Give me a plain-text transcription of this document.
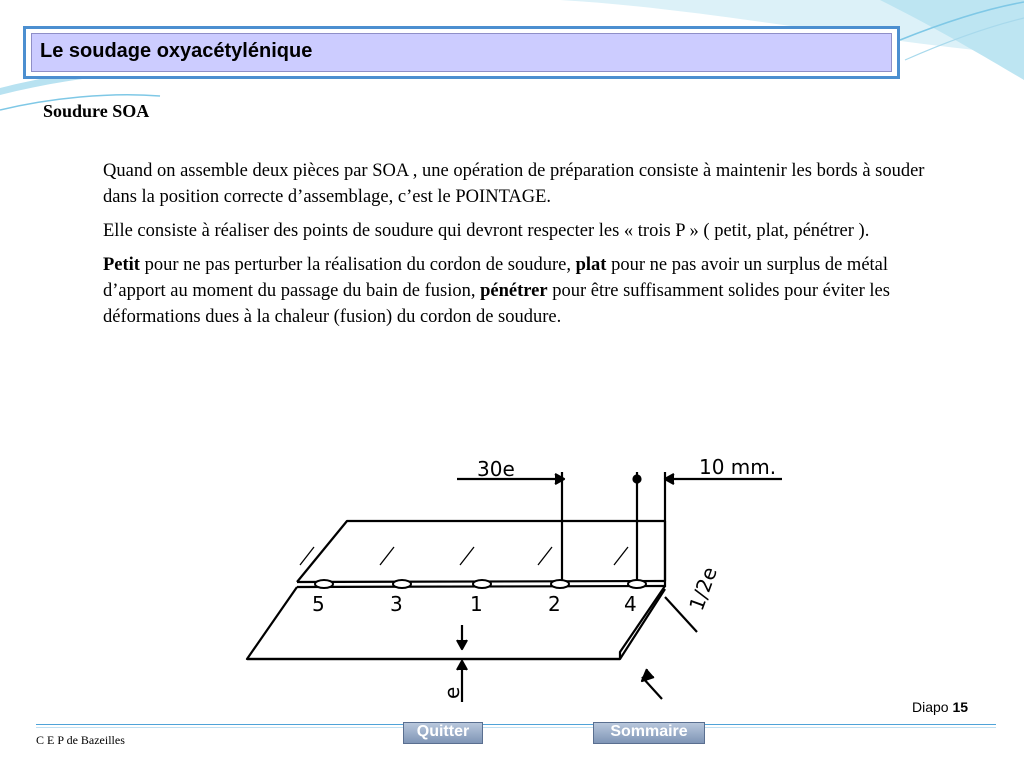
Le soudage oxyacétylénique
Soudure SOA

Quand on assemble deux pièces par SOA , une opération de préparation consiste à maintenir les bords à souder dans la position correcte d’assemblage, c’est le POINTAGE.

Elle consiste à réaliser des points de soudure qui devront respecter les « trois P » ( petit, plat, pénétrer ).

Petit pour ne pas perturber la réalisation du cordon de soudure, plat pour ne pas avoir un surplus de métal d’apport au moment du passage du bain de fusion, pénétrer pour être suffisamment solides pour éviter les déformations dues à la chaleur (fusion) du cordon de soudure.

5	3	1	2	4
30e	10 mm.
1/2e
e
Diapo 15
Quitter	Sommaire
C E P de Bazeilles
